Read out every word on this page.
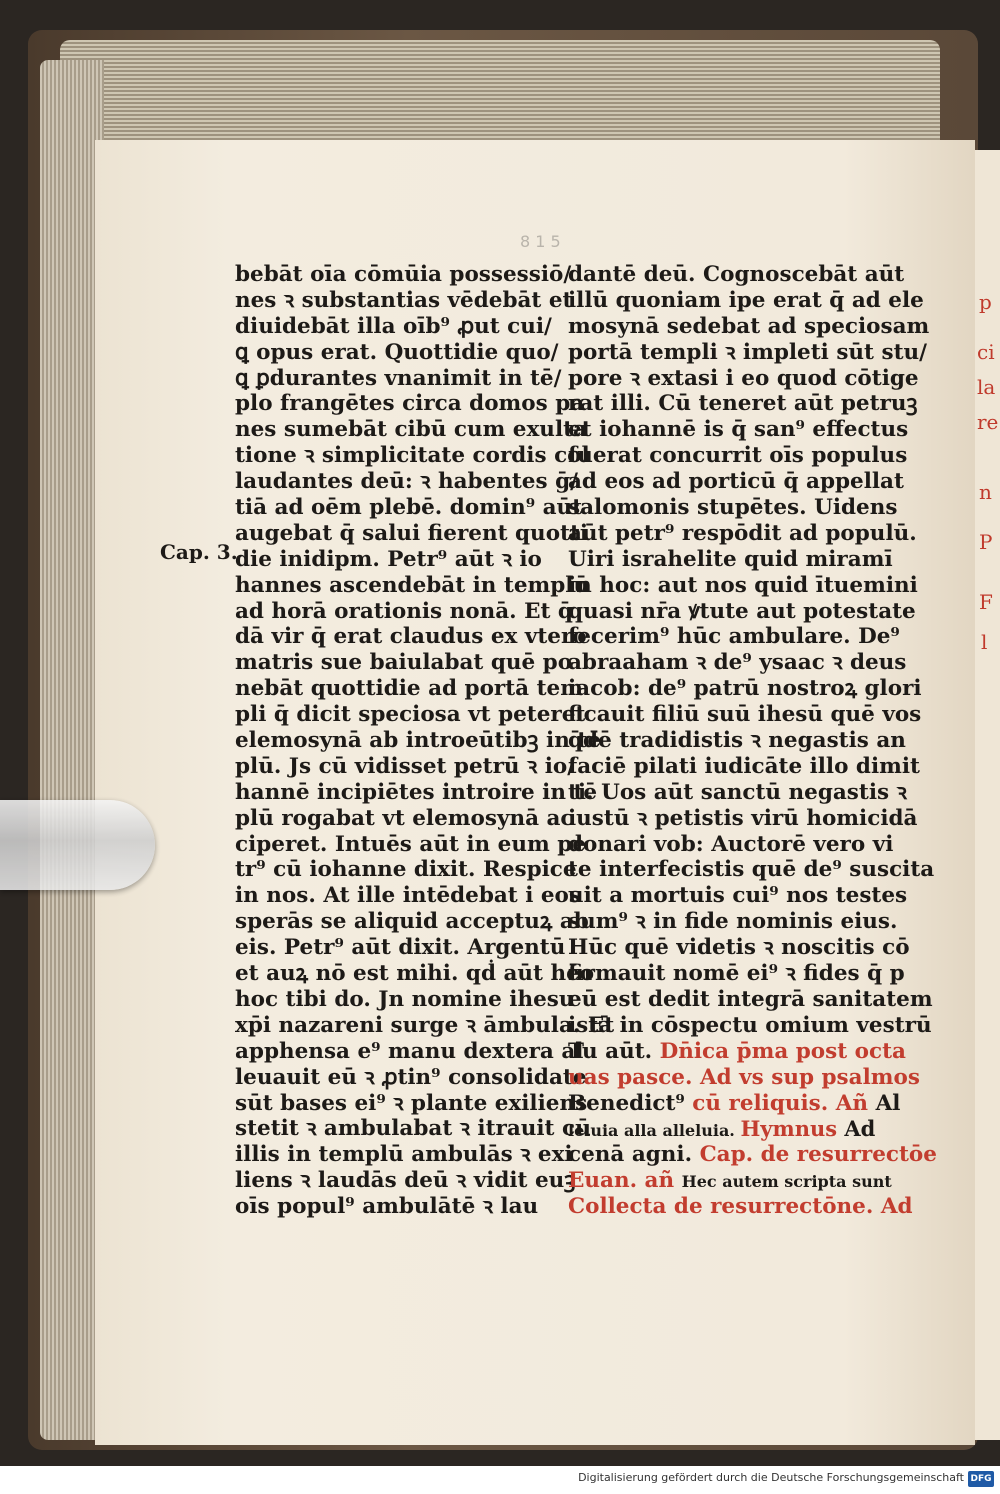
p
ci
la
re
n
P
l
F
8 1 5
Cap. 3.
bebāt oīa cōmūia possessiō/
nes ꝛ substantias vēdebāt et
diuidebāt illa oīb⁹ ꝓut cui/
ꝗ opus erat. Quottidie quo/
ꝗ ꝑdurantes vnanimit in tē/
plo frangētes circa domos pa
nes sumebāt cibū cum exulta
tione ꝛ simplicitate cordis col
laudantes deū: ꝛ habentes ḡ/
tiā ad oēm plebē. domin⁹ aūt
augebat q̄ salui fierent quotti
die inidipm. Petr⁹ aūt ꝛ io
hannes ascendebāt in templū
ad horā orationis nonā. Et q̄
dā vir q̄ erat claudus ex vtero
matris sue baiulabat quē po
nebāt quottidie ad portā tem
pli q̄ dicit speciosa vt peteret
elemosynā ab introeūtibꝫ in tē
plū. Js cū vidisset petrū ꝛ io/
hannē incipiētes introire in tē
plū rogabat vt elemosynā ac
ciperet. Intuēs aūt in eum pe
tr⁹ cū iohanne dixit. Respice
in nos. At ille intēdebat i eos
sperās se aliquid acceptuꝝ ab
eis. Petr⁹ aūt dixit. Argentū
et auꝝ nō est mihi. qḋ aūt hēo
hoc tibi do. Jn nomine ihesu
xp̄i nazareni surge ꝛ āmbula. Et
apphensa e⁹ manu dextera al
leuauit eū ꝛ ꝓtin⁹ consolidate
sūt bases ei⁹ ꝛ plante exiliens
stetit ꝛ ambulabat ꝛ itrauit cū
illis in templū ambulās ꝛ exi
liens ꝛ laudās deū ꝛ vidit euꝫ
oīs popul⁹ ambulātē ꝛ lau
dantē deū. Cognoscebāt aūt
illū quoniam ipe erat q̄ ad ele
mosynā sedebat ad speciosam
portā templi ꝛ impleti sūt stu/
pore ꝛ extasi i eo quod cōtige
rat illi. Cū teneret aūt petruꝫ
et iohannē is q̄ san⁹ effectus
fuerat concurrit oīs populus
ad eos ad porticū q̄ appellat
salomonis stupētes. Uidens
aūt petr⁹ respōdit ad populū.
Uiri israhelite quid miramī
in hoc: aut nos quid ītuemini
quasi nr̄a ꝟtute aut potestate
fecerim⁹ hūc ambulare. De⁹
abraaham ꝛ de⁹ ysaac ꝛ deus
iacob: de⁹ patrū nostroꝝ glori
ficauit filiū suū ihesū quē vos
q̄dē tradidistis ꝛ negastis an
faciē pilati iudicāte illo dimit
ti. Uos aūt sanctū negastis ꝛ
iustū ꝛ petistis virū homicidā
donari vob: Auctorē vero vi
te interfecistis quē de⁹ suscita
uit a mortuis cui⁹ nos testes
sum⁹ ꝛ in fide nominis eius.
Hūc quē videtis ꝛ noscitis cō
firmauit nomē ei⁹ ꝛ fides q̄ p
eū est dedit integrā sanitatem
istā in cōspectu omium vestrū
Tu aūt. Dn̄ica p̄ma post octa
uas pasce. Ad vs sup psalmos
Benedict⁹ cū reliquis. Añ Al
leluia alla alleluia. Hymnus Ad
cenā agni. Cap. de resurrectōe
Euan. añ Hec autem scripta sunt
Collecta de resurrectōne. Ad
Digitalisierung gefördert durch die Deutsche Forschungsgemeinschaft DFG
